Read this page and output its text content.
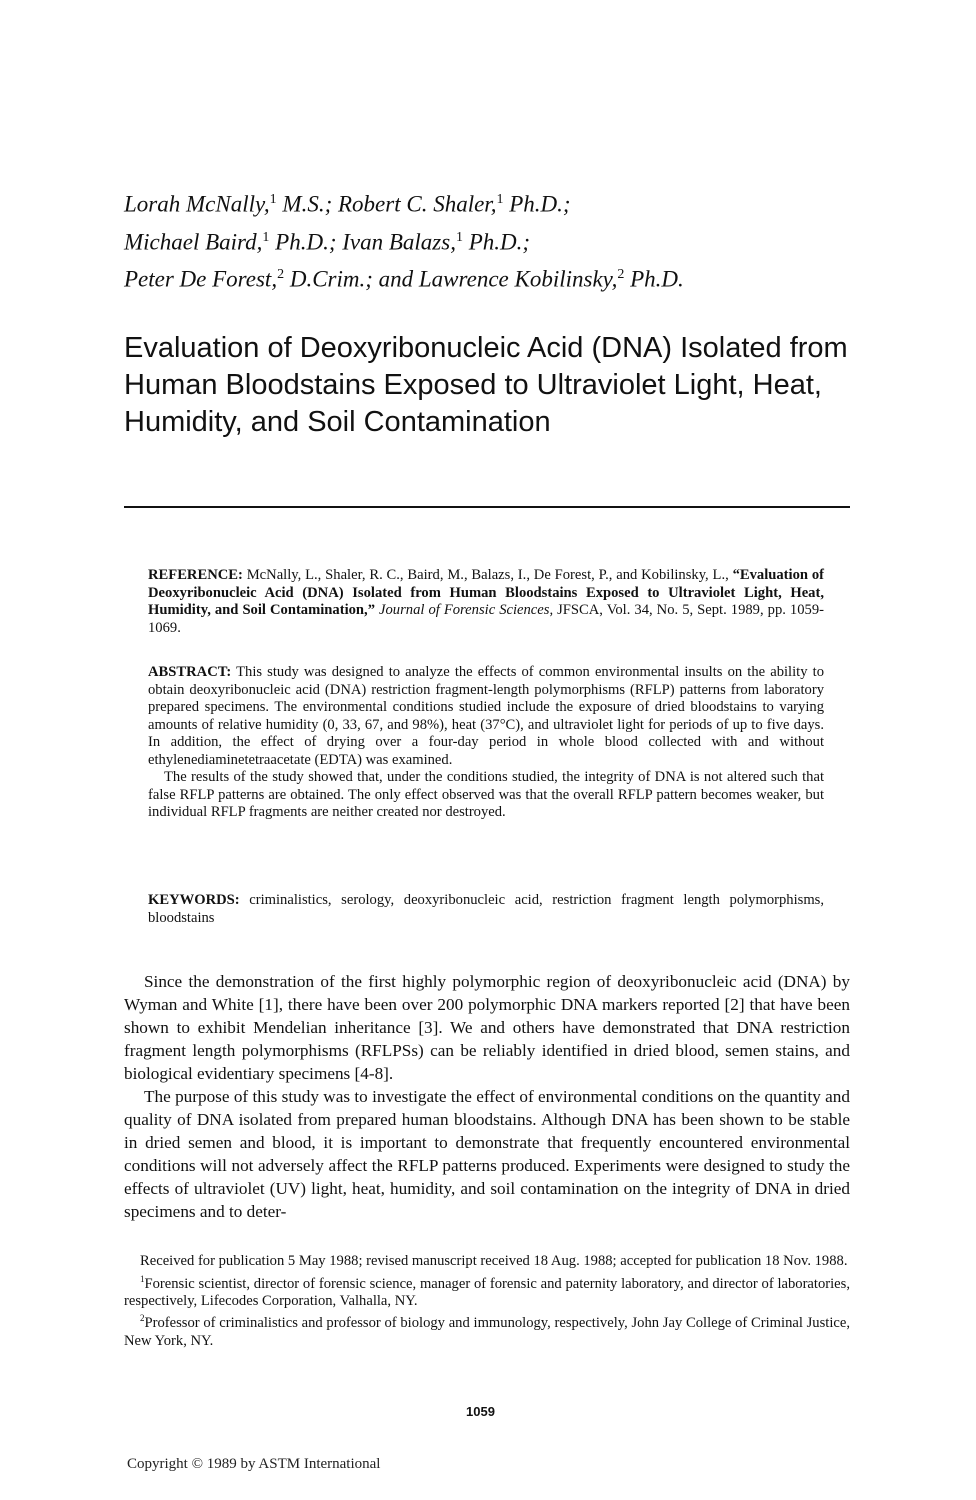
Lorah McNally,$^1$ M.S.; Robert C. Shaler,$^1$ Ph.D.;
Michael Baird,$^1$ Ph.D.; Ivan Balazs,$^1$ Ph.D.;
Peter De Forest,$^2$ D.Crim.; and Lawrence Kobilinsky,$^2$ Ph.D.
Evaluation of Deoxyribonucleic Acid (DNA) Isolated from Human Bloodstains Exposed to Ultraviolet Light, Heat, Humidity, and Soil Contamination

REFERENCE: McNally, L., Shaler, R. C., Baird, M., Balazs, I., De Forest, P., and Kobilinsky, L., “Evaluation of Deoxyribonucleic Acid (DNA) Isolated from Human Bloodstains Exposed to Ultraviolet Light, Heat, Humidity, and Soil Contamination,” Journal of Forensic Sciences, JFSCA, Vol. 34, No. 5, Sept. 1989, pp. 1059-1069.

ABSTRACT: This study was designed to analyze the effects of common environmental insults on the ability to obtain deoxyribonucleic acid (DNA) restriction fragment-length polymorphisms (RFLP) patterns from laboratory prepared specimens. The environmental conditions studied include the exposure of dried bloodstains to varying amounts of relative humidity (0, 33, 67, and 98%), heat (37°C), and ultraviolet light for periods of up to five days. In addition, the effect of drying over a four-day period in whole blood collected with and without ethylenediaminetetraacetate (EDTA) was examined.

The results of the study showed that, under the conditions studied, the integrity of DNA is not altered such that false RFLP patterns are obtained. The only effect observed was that the overall RFLP pattern becomes weaker, but individual RFLP fragments are neither created nor destroyed.

KEYWORDS: criminalistics, serology, deoxyribonucleic acid, restriction fragment length polymorphisms, bloodstains

Since the demonstration of the first highly polymorphic region of deoxyribonucleic acid (DNA) by Wyman and White [1], there have been over 200 polymorphic DNA markers reported [2] that have been shown to exhibit Mendelian inheritance [3]. We and others have demonstrated that DNA restriction fragment length polymorphisms (RFLPSs) can be reliably identified in dried blood, semen stains, and biological evidentiary specimens [4-8].

The purpose of this study was to investigate the effect of environmental conditions on the quantity and quality of DNA isolated from prepared human bloodstains. Although DNA has been shown to be stable in dried semen and blood, it is important to demonstrate that frequently encountered environmental conditions will not adversely affect the RFLP patterns produced. Experiments were designed to study the effects of ultraviolet (UV) light, heat, humidity, and soil contamination on the integrity of DNA in dried specimens and to deter-

Received for publication 5 May 1988; revised manuscript received 18 Aug. 1988; accepted for publication 18 Nov. 1988.

$^1$Forensic scientist, director of forensic science, manager of forensic and paternity laboratory, and director of laboratories, respectively, Lifecodes Corporation, Valhalla, NY.

$^2$Professor of criminalistics and professor of biology and immunology, respectively, John Jay College of Criminal Justice, New York, NY.

1059
Copyright © 1989 by ASTM International
